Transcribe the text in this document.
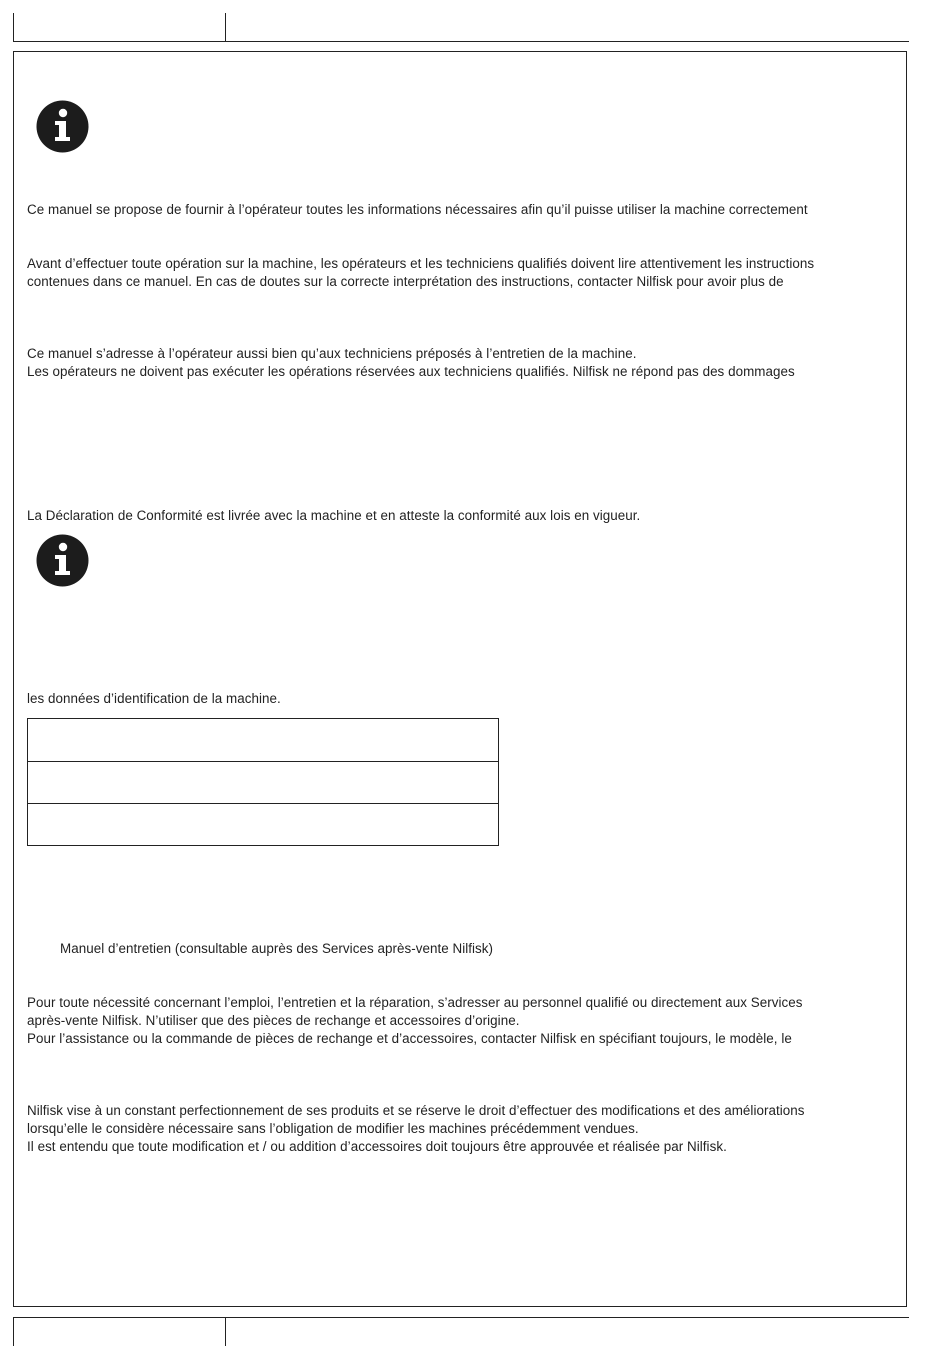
Ce manuel se propose de fournir à l’opérateur toutes les informations nécessaires afin qu’il puisse utiliser la machine correctement

Avant d’effectuer toute opération sur la machine, les opérateurs et les techniciens qualifiés doivent lire attentivement les instructions
contenues dans ce manuel. En cas de doutes sur la correcte interprétation des instructions, contacter Nilfisk pour avoir plus de

Ce manuel s’adresse à l’opérateur aussi bien qu’aux techniciens préposés à l’entretien de la machine.
Les opérateurs ne doivent pas exécuter les opérations réservées aux techniciens qualifiés. Nilfisk ne répond pas des dommages

La Déclaration de Conformité est livrée avec la machine et en atteste la conformité aux lois en vigueur.

les données d’identification de la machine.

Manuel d’entretien (consultable auprès des Services après-vente Nilfisk)

Pour toute nécessité concernant l’emploi, l’entretien et la réparation, s’adresser au personnel qualifié ou directement aux Services
après-vente Nilfisk. N’utiliser que des pièces de rechange et accessoires d’origine.
Pour l’assistance ou la commande de pièces de rechange et d’accessoires, contacter Nilfisk en spécifiant toujours, le modèle, le

Nilfisk vise à un constant perfectionnement de ses produits et se réserve le droit d’effectuer des modifications et des améliorations
lorsqu’elle le considère nécessaire sans l’obligation de modifier les machines précédemment vendues.
Il est entendu que toute modification et / ou addition d’accessoires doit toujours être approuvée et réalisée par Nilfisk.
